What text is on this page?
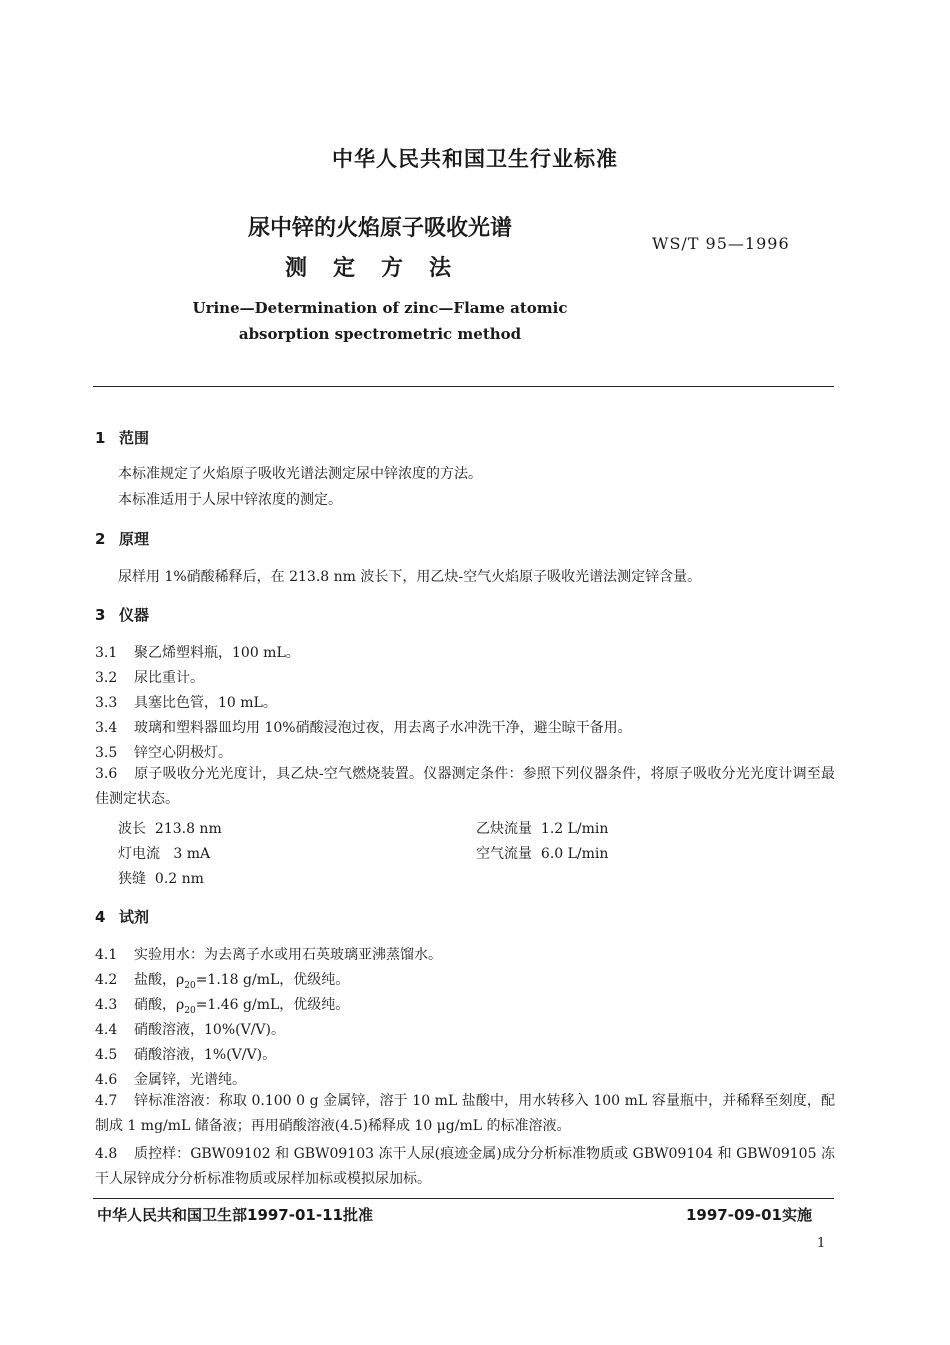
中华人民共和国卫生行业标准
尿中锌的火焰原子吸收光谱
测定方法
WS/T 95—1996
Urine—Determination of zinc—Flame atomic
absorption spectrometric method
1 范围
本标准规定了火焰原子吸收光谱法测定尿中锌浓度的方法。
本标准适用于人尿中锌浓度的测定。
2 原理
尿样用 1%硝酸稀释后，在 213.8 nm 波长下，用乙炔-空气火焰原子吸收光谱法测定锌含量。
3 仪器
3.1 聚乙烯塑料瓶，100 mL。
3.2 尿比重计。
3.3 具塞比色管，10 mL。
3.4 玻璃和塑料器皿均用 10%硝酸浸泡过夜，用去离子水冲洗干净，避尘晾干备用。
3.5 锌空心阴极灯。
3.6 原子吸收分光光度计，具乙炔-空气燃烧装置。仪器测定条件：参照下列仪器条件，将原子吸收分光光度计调至最佳测定状态。
波长 213.8 nm
灯电流 3 mA
狭缝 0.2 nm
乙炔流量 1.2 L/min
空气流量 6.0 L/min
4 试剂
4.1 实验用水：为去离子水或用石英玻璃亚沸蒸馏水。
4.2 盐酸，$\rho_{20}=1.18$ g/mL，优级纯。
4.3 硝酸，$\rho_{20}=1.46$ g/mL，优级纯。
4.4 硝酸溶液，10%(V/V)。
4.5 硝酸溶液，1%(V/V)。
4.6 金属锌，光谱纯。
4.7 锌标准溶液：称取 0.100 0 g 金属锌，溶于 10 mL 盐酸中，用水转移入 100 mL 容量瓶中，并稀释至刻度，配制成 1 mg/mL 储备液；再用硝酸溶液(4.5)稀释成 10 μg/mL 的标准溶液。
4.8 质控样：GBW09102 和 GBW09103 冻干人尿(痕迹金属)成分分析标准物质或 GBW09104 和 GBW09105 冻干人尿锌成分分析标准物质或尿样加标或模拟尿加标。
中华人民共和国卫生部1997-01-11批准	1997-09-01实施
1
